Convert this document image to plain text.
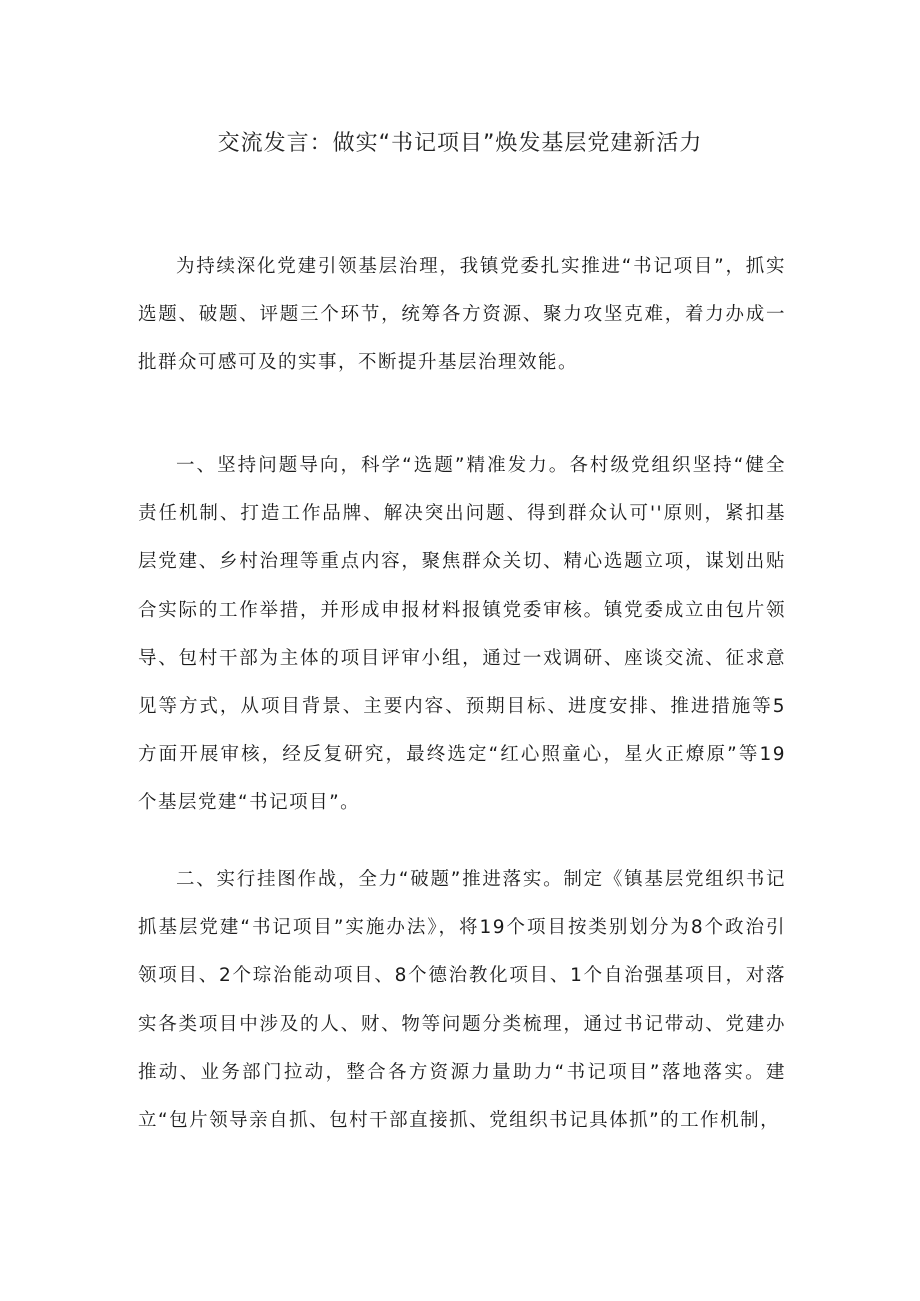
交流发言：做实“书记项目”焕发基层党建新活力

为持续深化党建引领基层治理，我镇党委扎实推进“书记项目”，抓实选题、破题、评题三个环节，统筹各方资源、聚力攻坚克难，着力办成一批群众可感可及的实事，不断提升基层治理效能。

一、坚持问题导向，科学“选题”精准发力。各村级党组织坚持“健全责任机制、打造工作品牌、解决突出问题、得到群众认可''原则，紧扣基层党建、乡村治理等重点内容，聚焦群众关切、精心选题立项，谋划出贴合实际的工作举措，并形成申报材料报镇党委审核。镇党委成立由包片领导、包村干部为主体的项目评审小组，通过一戏调研、座谈交流、征求意见等方式，从项目背景、主要内容、预期目标、进度安排、推进措施等5方面开展审核，经反复研究，最终选定“红心照童心，星火正燎原”等19个基层党建“书记项目”。

二、实行挂图作战，全力“破题”推进落实。制定《镇基层党组织书记抓基层党建“书记项目”实施办法》，将19个项目按类别划分为8个政治引领项目、2个琮治能动项目、8个德治教化项目、1个自治强基项目，对落实各类项目中涉及的人、财、物等问题分类梳理，通过书记带动、党建办推动、业务部门拉动，整合各方资源力量助力“书记项目”落地落实。建立“包片领导亲自抓、包村干部直接抓、党组织书记具体抓”的工作机制，
